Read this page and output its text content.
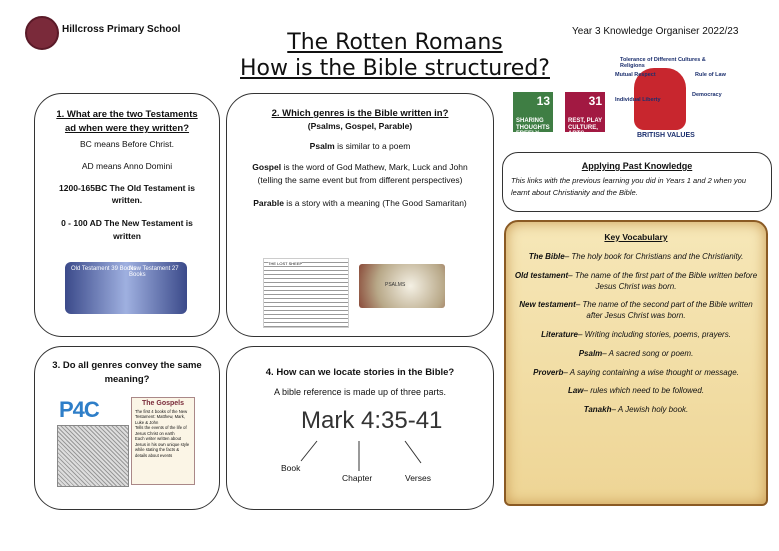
Hillcross Primary School	Year 3 Knowledge Organiser 2022/23
The Rotten Romans
How is the Bible structured?
13
SHARING THOUGHTS FREELY
31
REST, PLAY CULTURE, ARTS
Tolerance of Different Cultures & Religions
Mutual Respect	Rule of Law
Individual Liberty
Democracy
BRITISH VALUES
1. What are the two Testaments
ad when were they written?
BC means Before Christ.
AD means Anno Domini
1200-165BC The Old Testament is written.
0 - 100 AD The New Testament is written
Old Testament 39 Books
New Testament 27 Books
2. Which genres is the Bible written in?
(Psalms, Gospel, Parable)
Psalm is similar to a poem
Gospel is the word of God Mathew, Mark, Luck and John (telling the same event but from different perspectives)
Parable is a story with a meaning (The Good Samaritan)
THE LOST SHEEP
PSALMS
3. Do all genres convey the same meaning?
P4C	The Gospels
The first 4 books of the New Testament: Matthew, Mark, Luke & John
Tells the events of the life of Jesus Christ on earth
Each writer written about Jesus in his own unique style while stating the facts & details about events
4. How can we locate stories in the Bible?
A bible reference is made up of three parts.
Mark 4:35-41
Book
Chapter	Verses
Applying Past Knowledge
This links with the previous learning you did in Years 1 and 2 when you learnt about Christianity and the Bible.
Key Vocabulary
The Bible– The holy book for Christians and the Christianity.
Old testament– The name of the first part of the Bible written before Jesus Christ was born.
New testament– The name of the second part of the Bible written after Jesus Christ was born.
Literature– Writing including stories, poems, prayers.
Psalm– A sacred song or poem.
Proverb– A saying containing a wise thought or message.
Law– rules which need to be followed.
Tanakh– A Jewish holy book.
